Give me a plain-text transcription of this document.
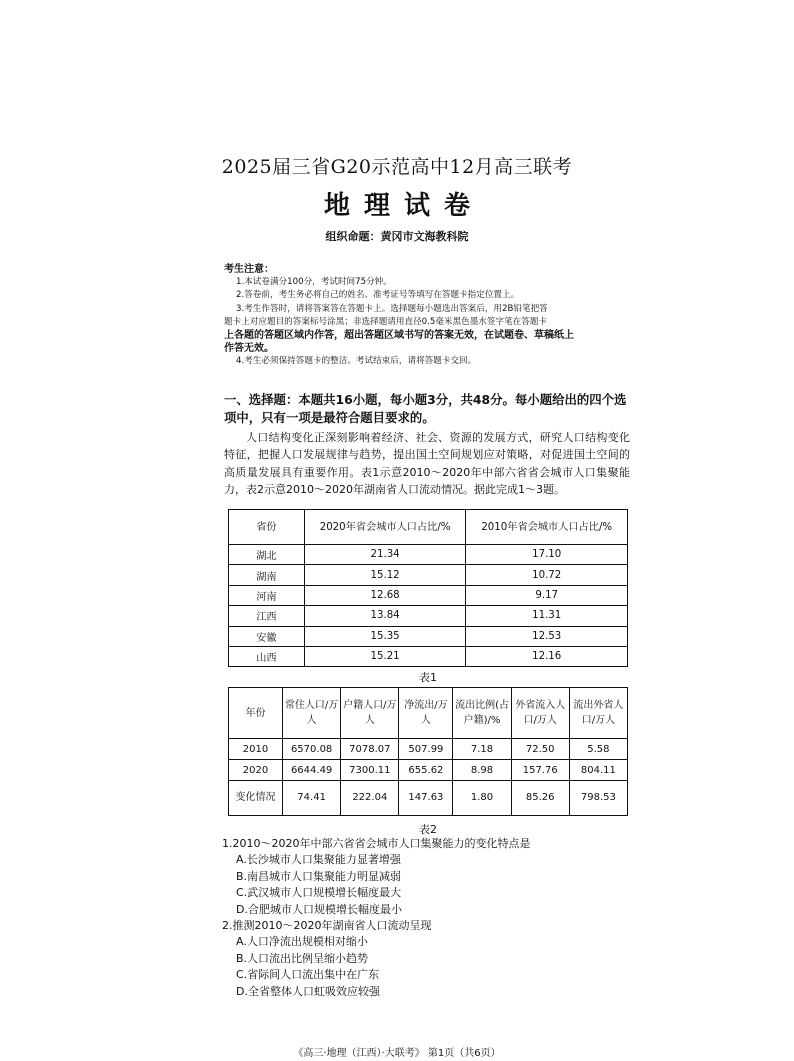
2025届三省G20示范高中12月高三联考
地理试卷
组织命题：黄冈市文海教科院

考生注意：

1.本试卷满分100分，考试时间75分钟。

2.答卷前，考生务必将自己的姓名、准考证号等填写在答题卡指定位置上。

3.考生作答时，请将答案答在答题卡上。选择题每小题选出答案后，用2B铅笔把答

题卡上对应题目的答案标号涂黑；非选择题请用直径0.5毫米黑色墨水签字笔在答题卡

上各题的答题区域内作答，超出答题区域书写的答案无效，在试题卷、草稿纸上

作答无效。

4.考生必须保持答题卡的整洁。考试结束后，请将答题卡交回。

一、选择题：本题共16小题，每小题3分，共48分。每小题给出的四个选项中，只有一项是最符合题目要求的。

人口结构变化正深刻影响着经济、社会、资源的发展方式，研究人口结构变化特征，把握人口发展规律与趋势，提出国土空间规划应对策略，对促进国土空间的高质量发展具有重要作用。表1示意2010～2020年中部六省省会城市人口集聚能力，表2示意2010～2020年湖南省人口流动情况。据此完成1～3题。

省份	2020年省会城市人口占比/%	2010年省会城市人口占比/%
湖北	21.34	17.10
湖南	15.12	10.72
河南	12.68	9.17
江西	13.84	11.31
安徽	15.35	12.53
山西	15.21	12.16
表1
年份	常住人口/万人	户籍人口/万人	净流出/万人	流出比例(占户籍)/%	外省流入人口/万人	流出外省人口/万人
2010	6570.08	7078.07	507.99	7.18	72.50	5.58
2020	6644.49	7300.11	655.62	8.98	157.76	804.11
变化情况	74.41	222.04	147.63	1.80	85.26	798.53
表2

1.2010～2020年中部六省省会城市人口集聚能力的变化特点是

A.长沙城市人口集聚能力显著增强

B.南昌城市人口集聚能力明显减弱

C.武汉城市人口规模增长幅度最大

D.合肥城市人口规模增长幅度最小

2.推测2010～2020年湖南省人口流动呈现

A.人口净流出规模相对缩小

B.人口流出比例呈缩小趋势

C.省际间人口流出集中在广东

D.全省整体人口虹吸效应较强

《高三·地理（江西）·大联考》 第1页（共6页）
